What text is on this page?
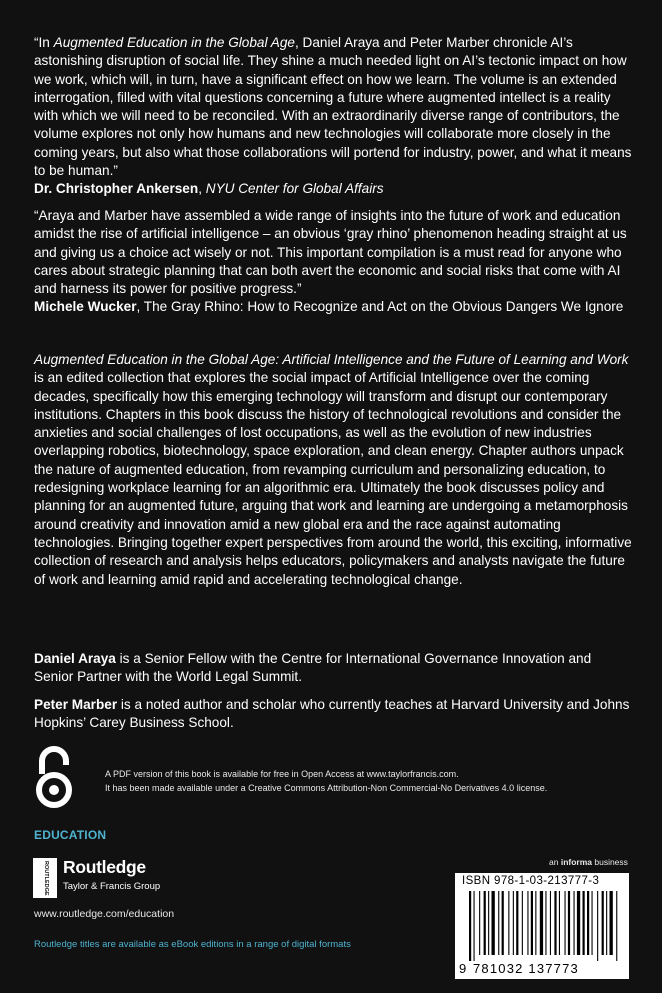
“In Augmented Education in the Global Age, Daniel Araya and Peter Marber chronicle AI’s astonishing disruption of social life. They shine a much needed light on AI’s tectonic impact on how we work, which will, in turn, have a significant effect on how we learn. The volume is an extended interrogation, filled with vital questions concerning a future where augmented intellect is a reality with which we will need to be reconciled. With an extraordinarily diverse range of contributors, the volume explores not only how humans and new technologies will collaborate more closely in the coming years, but also what those collaborations will portend for industry, power, and what it means to be human.”

Dr. Christopher Ankersen, NYU Center for Global Affairs

“Araya and Marber have assembled a wide range of insights into the future of work and education amidst the rise of artificial intelligence – an obvious ‘gray rhino’ phenomenon heading straight at us and giving us a choice act wisely or not. This important compilation is a must read for anyone who cares about strategic planning that can both avert the economic and social risks that come with AI and harness its power for positive progress.”

Michele Wucker, The Gray Rhino: How to Recognize and Act on the Obvious Dangers We Ignore

Augmented Education in the Global Age: Artificial Intelligence and the Future of Learning and Work is an edited collection that explores the social impact of Artificial Intelligence over the coming decades, specifically how this emerging technology will transform and disrupt our contemporary institutions. Chapters in this book discuss the history of technological revolutions and consider the anxieties and social challenges of lost occupations, as well as the evolution of new industries overlapping robotics, biotechnology, space exploration, and clean energy. Chapter authors unpack the nature of augmented education, from revamping curriculum and personalizing education, to redesigning workplace learning for an algorithmic era. Ultimately the book discusses policy and planning for an augmented future, arguing that work and learning are undergoing a metamorphosis around creativity and innovation amid a new global era and the race against automating technologies. Bringing together expert perspectives from around the world, this exciting, informative collection of research and analysis helps educators, policymakers and analysts navigate the future of work and learning amid rapid and accelerating technological change.

Daniel Araya is a Senior Fellow with the Centre for International Governance Innovation and Senior Partner with the World Legal Summit.

Peter Marber is a noted author and scholar who currently teaches at Harvard University and Johns Hopkins’ Carey Business School.

A PDF version of this book is available for free in Open Access at www.taylorfrancis.com.
It has been made available under a Creative Commons Attribution-Non Commercial-No Derivatives 4.0 license.
EDUCATION
ROUTLEDGE Routledge
Taylor & Francis Group
www.routledge.com/education
Routledge titles are available as eBook editions in a range of digital formats
an informa business
ISBN 978-1-03-213777-3
9 781032 137773
